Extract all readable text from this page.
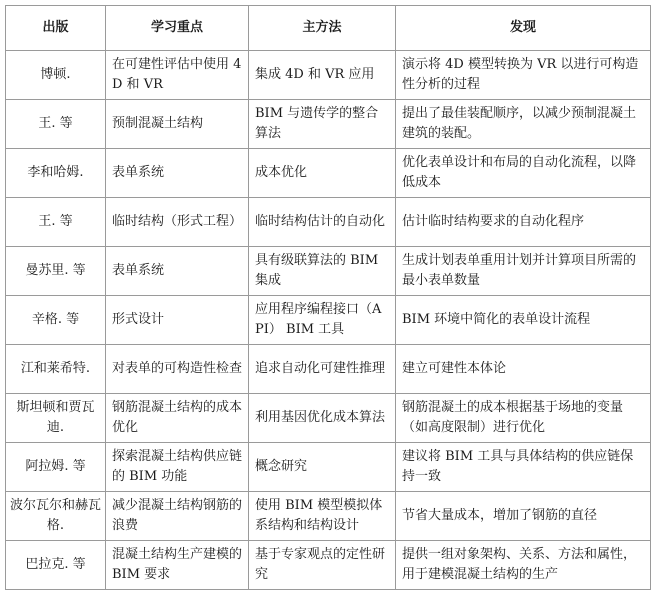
出版	学习重点	主方法	发现
博顿.	在可建性评估中使用 4D 和 VR	集成 4D 和 VR 应用	演示将 4D 模型转换为 VR 以进行可构造性分析的过程
王. 等	预制混凝土结构	BIM 与遗传学的整合算法	提出了最佳装配顺序，以减少预制混凝土建筑的装配。
李和哈姆.	表单系统	成本优化	优化表单设计和布局的自动化流程，以降低成本
王. 等	临时结构（形式工程）	临时结构估计的自动化	估计临时结构要求的自动化程序
曼苏里. 等	表单系统	具有级联算法的 BIM 集成	生成计划表单重用计划并计算项目所需的最小表单数量
辛格. 等	形式设计	应用程序编程接口（API） BIM 工具	BIM 环境中简化的表单设计流程
江和莱希特.	对表单的可构造性检查	追求自动化可建性推理	建立可建性本体论
斯坦顿和贾瓦迪.	钢筋混凝土结构的成本优化	利用基因优化成本算法	钢筋混凝土的成本根据基于场地的变量（如高度限制）进行优化
阿拉姆. 等	探索混凝土结构供应链的 BIM 功能	概念研究	建议将 BIM 工具与具体结构的供应链保持一致
波尔瓦尔和赫瓦格.	减少混凝土结构钢筋的浪费	使用 BIM 模型模拟体系结构和结构设计	节省大量成本，增加了钢筋的直径
巴拉克. 等	混凝土结构生产建模的 BIM 要求	基于专家观点的定性研究	提供一组对象架构、关系、方法和属性，用于建模混凝土结构的生产
